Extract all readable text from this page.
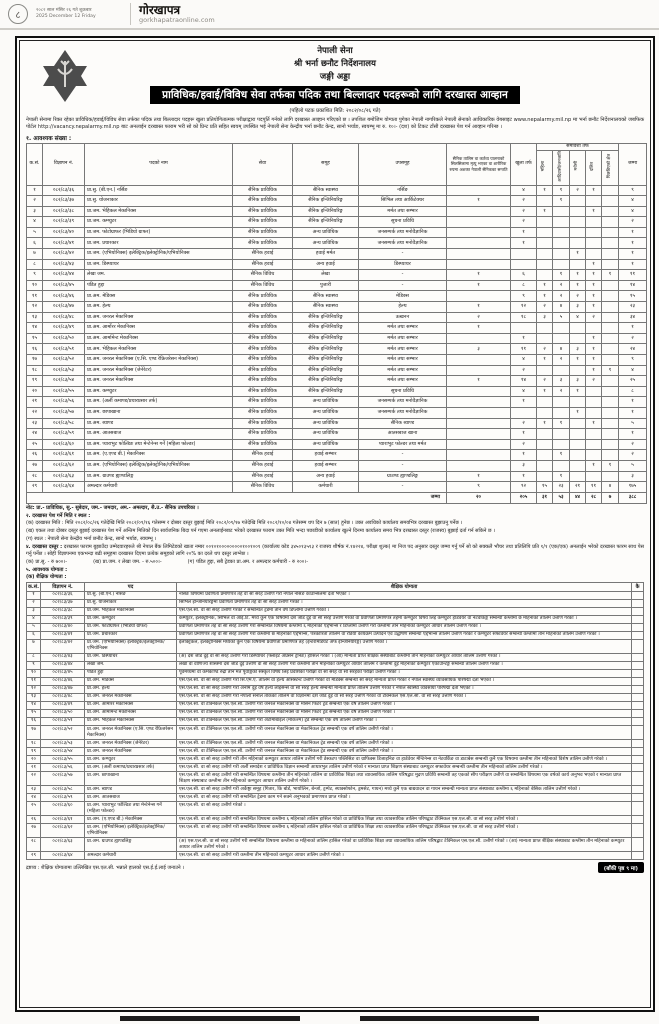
८	२०८२ साल मंसिर २६ गते शुक्रबार
2025 December 12 Friday	गोरखापत्र
gorkhapatraonline.com
नेपाली सेना
श्री भर्ना छनौट निर्देशनालय
जङ्गी अड्डा
प्राविधिक/हवाई/विविध सेवा तर्फका पदिक तथा बिल्लादार पदहरूको लागि दरखास्त आव्हान
(पहिलो पटक प्रकाशित मिति: २०८२/०८/२६ गते)
नेपाली सेनामा रिक्त रहेका प्राविधिक/हवाई/विविध सेवा तर्फका पदिक तथा बिल्लादार पदहरू खुला प्रतियोगितात्मक परीक्षाद्वारा पदपूर्ति गर्नको लागि दरखास्त आव्हान गरिएको छ । तपशिल बमोजिम योग्यता पुगेका नेपाली नागरिकले नेपाली सेनाको आधिकारिक वेबसाइट www.nepalarmy.mil.np मा भर्ना छनौट निर्देशनालयको जबफिक पोर्टल http://vacancy.nepalarmy.mil.np बाट अनलाईन दरखास्त फाराम भरी सो को प्रिन्ट प्रति सहित स्वयम् उपस्थित भई नेपाली सेना केन्द्रीय भर्ना छनौट केन्द्र, सानो भर्याङ, स्वयम्भू मा रु. १०।- (दश) को टिकट टाँसी दरखास्त पेश गर्न आव्हान गरिन्छ ।
१. आवश्यक संख्या :
क.सं.	विज्ञापन नं.	पदको नाम	सेवा	समूह	उपसमूह	सैनिक तालिम वा कर्तव्य पालनाको सिलसिलामा मृत्यु भएका वा शारीरिक रुपमा अशक्त नेपाली सैनिकका सन्तति	खुला तर्फ	समावेशी तर्फ					जम्मा
								महिला	आदिवासी/जनजाति	मधेसी	दलित	पिछडिएको क्षेत्र	
१	०८२/८३/३६	प्रा.सु. (बी.एन.) नर्सिङ	सैनिक प्राविधिक	सैनिक स्वास्थ्य	नर्सिङ		४	१	१	२	१		९
२	०८२/८३/३७	प्रा.सु. योजनाकार	सैनिक प्राविधिक	सैनिक इन्जिनियरिङ्ग	सिभिल तथा आर्किटेक्चर	१	२		१				४
३	०८२/८३/३८	प्रा.जम. भेहिकल मेकानिक्स	सैनिक प्राविधिक	सैनिक इन्जिनियरिङ्ग	मर्मत तथा सम्भार		२	१			१		४
४	०८२/८३/३९	प्रा.जम. कम्प्युटर	सैनिक प्राविधिक	सैनिक इन्जिनियरिङ्ग	सूचना प्रविधि		२						२
५	०८२/८३/४०	प्रा.जम. फोटोग्राफर (भिडियो ग्राफर)	सैनिक प्राविधिक	अन्य प्राविधिक	जनसम्पर्क तथा मनोवैज्ञानिक		१						१
६	०८२/८३/४१	प्रा.जम. प्रचारकार	सैनिक प्राविधिक	अन्य प्राविधिक	जनसम्पर्क तथा मनोवैज्ञानिक		१						१
७	०८२/८३/४२	प्रा.जम. (एभियोनिक्स) इलेक्ट्रिक/इलेक्ट्रोनिक/एभियोनिक्स	सैनिक हवाई	हवाई मर्मत	-					१			१
८	०८२/८३/४३	प्रा.जम. डिस्प्याचर	सैनिक हवाई	अन्य हवाई	डिस्प्याचर						१		१
९	०८२/८३/४४	लेखा जम.	सैनिक विविध	लेखा	-	१	६		१	१	१	१	११
१०	०८२/८३/४५	पंडित हुद्दा	सैनिक विविध	पुजारी	-	१	८	१	२	१	१		१४
११	०८२/८३/४६	प्रा.अम. मेडिक्स	सैनिक प्राविधिक	सैनिक स्वास्थ्य	मेडिक्स		९	१	२	२	१		१५
१२	०८२/८३/४७	प्रा.अम. हेल्थ	सैनिक प्राविधिक	सैनिक स्वास्थ्य	हेल्थ	१	१२	२	४	३	१		२३
१३	०८२/८३/४८	प्रा.अम. जनरल मेकानिक्स	सैनिक प्राविधिक	सैनिक इन्जिनियरिङ्ग	उत्खनन	२	१८	३	५	४	२		३४
१४	०८२/८३/४९	प्रा.अम. आर्मोरर मेकानिक्स	सैनिक प्राविधिक	सैनिक इन्जिनियरिङ्ग	मर्मत तथा सम्भार	१							१
१५	०८२/८३/५०	प्रा.अम. आर्मामेन्ट मेकानिक्स	सैनिक प्राविधिक	सैनिक इन्जिनियरिङ्ग	मर्मत तथा सम्भार		१				१		२
१६	०८२/८३/५१	प्रा.अम. भेहिकल मेकानिक्स	सैनिक प्राविधिक	सैनिक इन्जिनियरिङ्ग	मर्मत तथा सम्भार	३	११	२	४	३	१		२४
१७	०८२/८३/५२	प्रा.अम. जनरल मेकानिक्स (ए.सि. एण्ड रेफ्रिजरेसन मेकानिक्स)	सैनिक प्राविधिक	सैनिक इन्जिनियरिङ्ग	मर्मत तथा सम्भार		४	१	२	१	१		९
१८	०८२/८३/५३	प्रा.अम. जनरल मेकानिक्स (जेनेरेटर)	सैनिक प्राविधिक	सैनिक इन्जिनियरिङ्ग	मर्मत तथा सम्भार		२				१	१	४
१९	०८२/८३/५४	प्रा.अम. जनरल मेकानिक्स	सैनिक प्राविधिक	सैनिक इन्जिनियरिङ्ग	मर्मत तथा सम्भार	१	१४	२	३	३	२		२५
२०	०८२/८३/५५	प्रा.अम. कम्प्युटर	सैनिक प्राविधिक	सैनिक इन्जिनियरिङ्ग	सूचना प्रविधि		४	१	२	१			८
२१	०८२/८३/५६	प्रा.अम. (अर्ली कमाण्ड/प्रचारप्रसार तर्फ)	सैनिक प्राविधिक	अन्य प्राविधिक	जनसम्पर्क तथा मनोवैज्ञानिक		१						१
२२	०८२/८३/५७	प्रा.अम. छापाखाना	सैनिक प्राविधिक	अन्य प्राविधिक	जनसम्पर्क तथा मनोवैज्ञानिक					१			१
२३	०८२/८३/५८	प्रा.अम. ब्याण्ड	सैनिक प्राविधिक	अन्य प्राविधिक	सैनिक ब्याण्ड		२	१	१		१		५
२४	०८२/८३/५९	प्रा.अम. आतसबाज	सैनिक प्राविधिक	अन्य प्राविधिक	आतसबाज खाना		१						१
२५	०८२/८३/६०	प्रा.अम. प्याराभुट फोल्डिङ तथा मेन्टेनेन्स गर्ने (महिला फोल्डर)	सैनिक प्राविधिक	अन्य प्राविधिक	प्याराभुट फोल्डर तथा मर्मत		२						२
२६	०८२/८३/६१	प्रा.अम. (ए.एण्ड बी.) मेकानिक्स	सैनिक हवाई	हवाई सम्भार	-		१		१				२
२७	०८२/८३/६२	प्रा.अम. (एभियोनिक्स) इलेक्ट्रिक/इलेक्ट्रोनिक/एभियोनिक्स	सैनिक हवाई	हवाई सम्भार	-		३				१	१	५
२८	०८२/८३/६३	प्रा.अम. ग्राउण्ड ह्याण्डलिङ्ग	सैनिक हवाई	अन्य हवाई	ग्राउण्ड ह्याण्डलिङ्ग	१	१		१				३
२९	०८२/८३/६४	अमल्दार कर्मचारी	सैनिक विविध	कर्मचारी	-	९	९२	१५	२३	२१	११	४	१७५
जम्मा						२०	२०५	३१	५३	४४	२८	७	३८८
नोट: प्रा.- प्राविधिक, सु.- सुबेदार, जम.- जमदार, अम.- अमल्दार, सै.उ.- सैनिक उपचरिका ।
२. दरखास्त पेश गर्ने मिति र स्थल :
(क) दरखास्त मिति : मिति २०८२/०८/२६ गतेदेखि मिति २०८२/०९/१६ गतेसम्म र दोब्बर दस्तुर बुझाई मिति २०८२/०९/१७ गतेदेखि मिति २०८२/१०/०४ गतेसम्म थप दिन ७ (सात) हुनेछ । उक्त अवधिको कार्यालय समयभित्र दरखास्त बुझाउनु पर्नेछ ।
(ख) एकल तथा दोब्बर दस्तुर बुझाई दरखास्त पेश गर्ने अन्तिम मितिको दिन सार्वजनिक बिदा पर्न गएमा अनलाईनबाट भरेको दरखास्त फाराम उक्त मिति भन्दा पछाडीको कार्यालय खुल्ने दिनमा कार्यालय समय भित्र दरखास्त दस्तुर (राजस्व) बुझाई दर्ता गर्न सकिने छ ।
(ग) स्थल : नेपाली सेना केन्द्रीय भर्ना छनौट केन्द्र, सानो भर्याङ, स्वयम्भू ।
४. दरखास्त दस्तुर : दरखास्त फाराम बुझाउँदा उम्मेदवारहरुले श्री नेपाल बैंक लिमिटेडको खाता नम्बर ००१०१०००००००००१००१००१ (कार्यालय कोड ३४५०१३५१३ र राजस्व शीर्षक नं.१४२२४, परीक्षा शुल्क) मा निज पद अनुसार दस्तुर जम्मा गर्नु पर्ने सो को सक्कलै भौचर तथा प्रतिलिपि प्रति १/१ (एक/एक) अनलाईन भरेको दरखास्त फारम साथ पेस गर्नु पर्नेछ । सोही विज्ञापनमा एकभन्दा बढी समूहमा दरखास्त दिएमा प्रत्येक समूहको लागि २०% का दरले थप दस्तुर लाग्नेछ ।
(क) प्रा.सु. - रु ७००।-	(ख) प्रा.जम. र लेखा जम. - रु.५००।-	(ग) पंडित हुद्दा, सबै ट्रेडका प्रा.अम. र अमल्दार कर्मचारी - रु २००।-
५. आवश्यक योग्यता :
(क) शैक्षिक योग्यता :
क.सं.	विज्ञापन नं.	पद	शैक्षिक योग्यता	कै
१	०८२/८३/३६	प्रा.सु. (बी.एन.) नर्सिङ	नर्सिङ विषयमा प्रवीणता प्रमाणपत्र तह वा सो सरह उत्तीर्ण गरी नेपाल नर्सिङ काउन्सिलमा दर्ता भएको ।	
२	०८२/८३/३७	प्रा.सु. योजनाकार	सिभिल इन्जिनियरिङ्गमा प्रवीणता प्रमाणपत्र तह वा सो सरह उत्तीर्ण गरेको ।	
३	०८२/८३/३८	प्रा.जम. भेहिकल मेकानिक्स	एस.एल.सी. वा सो सरह उत्तीर्ण गरेको र सम्बन्धित ट्रेडमा तीन वर्षे डिप्लोमा उत्तीर्ण गरेको ।	
४	०८२/८३/३९	प्रा.जम. कम्प्युटर	कम्प्युटर, इलेक्ट्रोनिक, सिभिल वा आई.टि. मध्ये कुनै एक विषयमा दश जोड दुई वा सो सरह उत्तीर्ण गरेको वा प्रवीणता प्रमाणपत्र तहमा कम्प्युटर विषय लिई कम्प्युटर हार्डवेयर वा नेटवर्किङ्ग सम्बन्धी कम्तीमा छ महिनाको तालिम उत्तीर्ण गरेको ।	
५	०८२/८३/४०	प्रा.जम. फोटोग्राफर (भिडियो ग्राफर)	प्रवीणता प्रमाणपत्र तह वा सो सरह उत्तीर्ण गरी सम्बन्धित विषयमा कम्तीमा ६ महिनाको एड्भान्स र डिप्लोमा उत्तीर्ण गरी कम्तीमा तीन महिनाको कम्प्युटर आधार तालिम उत्तीर्ण गरेको ।	
६	०८२/८३/४१	प्रा.जम. प्रचारकार	प्रवीणता प्रमाणपत्र तह वा सो सरह उत्तीर्ण गरी कम्तीमा छ महिनाको एड्भान्स, पत्रकारिता तालिम वा रेडियो कार्यक्रम उत्पादन एवं उद्घोषण सम्बन्धी एड्भान्स तालिम उत्तीर्ण गरेको र कम्प्युटर सफ्टवेयर सम्बन्धी कम्तीमा तीन महिनाको तालिम उत्तीर्ण गरेको ।	
७	०८२/८३/४२	प्रा.जम. (एभियोनिक्स) इलेक्ट्रिक/इलेक्ट्रोनिक/एभियोनिक्स	इलेक्ट्रिकल, इलेक्ट्रोनिक्स मध्येको कुनै एक विषयमा प्रवीणता प्रमाणपत्र तह (इन्टरमिडियट अफ इन्जिनियरिङ्ग) उत्तीर्ण गरेको ।	
८	०८२/८३/४३	प्रा.जम. डिस्प्याचर	(अ) दश जोड दुई वा सो सरह उत्तीर्ण गरी डिस्प्याचर (फ्लाइट अप्रेसन ट्रेनिङ) हासिल गरेको । (आ) मान्यता प्राप्त शैक्षिक संस्थाबाट कम्तीमा तीन महिनाको कम्प्युटर आधार तालिम उत्तीर्ण गरेको ।	
९	०८२/८३/४४	लेखा जम.	लेखा वा वाणिज्य शास्त्रमा दश जोड दुई उत्तीर्ण वा सो सरह उत्तीर्ण गरी कम्तीमा तीन महिनाको कम्प्युटर आधार तालिम र कम्तीमा दुई महिनाको कम्प्युटर एकाउन्टिङ्ग सम्बन्धी तालिम उत्तीर्ण गरेको ।	
१०	०८२/८३/४५	पंडित हुद्दा	पूर्वमध्यमा वा कर्मकाण्ड रुद्री तीन मत पूर्वाङ्गको संस्कृत विषय लिई प्रवेशिका परीक्षा वा सो सरह वा सो सरहको परीक्षा उत्तीर्ण गरेको ।	
११	०८२/८३/४६	प्रा.अम. मेडिक्स	एस.एल.सी. वा सो सरह उत्तीर्ण गरी सि.एम.ए. तालिम वा हेल्थ असिस्टेन्ट उत्तीर्ण गरेको वा मेडिक्स सम्बन्धी सो सरह मान्यता प्राप्त गरेको र नेपाल स्वास्थ्य व्यावसायिक परिषद्मा दर्ता भएको ।	
१२	०८२/८३/४७	प्रा.अम. हेल्थ	एस.एल.सी. वा सो सरह उत्तीर्ण गरी अनमि दुई वर्षे हेल्थ लाइसेन्स वा सो सरह हेल्थ सम्बन्धी मान्यता प्राप्त तालिम उत्तीर्ण गरेको र नेपाल स्वास्थ्य व्यवसायी परिषद्मा दर्ता भएको ।	
१३	०८२/८३/४८	प्रा.अम. जनरल मेकानिक्स	एस.एल.सी. वा सो सरह उत्तीर्ण गरी नेपाली सेनाले तोकेको तालिम वा विज्ञानमा दश जोड दुई वा सो सरह उत्तीर्ण गरेको वा टेक्निकल एस.एल.सी. वा सो सरह उत्तीर्ण गरेको ।	
१४	०८२/८३/४९	प्रा.अम. आर्मोरर मेकानिक्स	एस.एल.सी. वा टेक्निकल एस.एल.सी. उत्तीर्ण गरी जनरल मेकानिक्स वा मेसिन फिटर ट्रेड सम्बन्धी एक वर्षे तालिम उत्तीर्ण गरेको ।	
१५	०८२/८३/५०	प्रा.अम. आर्मामेन्ट मेकानिक्स	एस.एल.सी. वा टेक्निकल एस.एल.सी. उत्तीर्ण गरी जनरल मेकानिक्स वा मेसिन फिटर ट्रेड सम्बन्धी एक वर्षे तालिम उत्तीर्ण गरेको ।	
१६	०८२/८३/५१	प्रा.अम. भेहिकल मेकानिक्स	एस.एल.सी. वा टेक्निकल एस.एल.सी. उत्तीर्ण गरी अटोमोबाइल (मेकिज्म) ट्रेड सम्बन्धी एक वर्षे तालिम उत्तीर्ण गरेको ।	
१७	०८२/८३/५२	प्रा.अम. जनरल मेकानिक्स (ए.सि. एण्ड रेफ्रिजरेसन मेकानिक्स)	एस.एल.सी. वा टेक्निकल एस.एल.सी. उत्तीर्ण गरी जनरल मेकानिक्स वा मेकानिकल ट्रेड सम्बन्धी एक वर्षे तालिम उत्तीर्ण गरेको ।	
१८	०८२/८३/५३	प्रा.अम. जनरल मेकानिक्स (जेनेरेटर)	एस.एल.सी. वा टेक्निकल एस.एल.सी. उत्तीर्ण गरी जनरल मेकानिक्स वा मेकानिकल ट्रेड सम्बन्धी एक वर्षे तालिम उत्तीर्ण गरेको ।	
१९	०८२/८३/५४	प्रा.अम. जनरल मेकानिक्स	एस.एल.सी. वा टेक्निकल एस.एल.सी. उत्तीर्ण गरी जनरल मेकानिक्स वा मेकानिकल ट्रेड सम्बन्धी एक वर्षे तालिम उत्तीर्ण गरेको ।	
२०	०८२/८३/५५	प्रा.अम. कम्प्युटर	एस.एल.सी. वा सो सरह उत्तीर्ण गरी तीन महिनाको कम्प्युटर आधार तालिम उत्तीर्ण गरी डेस्कटप पब्लिसिङ वा ग्राफिक्स डिजाइनिङ वा हार्डवेयर मेन्टिनेन्स वा नेटवर्किङ वा डाटाबेस सम्बन्धी कुनै एक विषयमा कम्तीमा तीन महिनाको विशेष तालिम उत्तीर्ण गरेको ।	
२१	०८२/८३/५६	प्रा.अम. (अर्ली कमाण्ड/प्रचारप्रसार तर्फ)	एस.एल.सी. वा सो सरह उत्तीर्ण गरी अर्ली समादेश र प्राविधिक विज्ञान सम्बन्धी आधारभुत तालिम उत्तीर्ण गरेको र मान्यता प्राप्त शिक्षण संस्थाबाट कम्प्युटर सफ्टवेयर सम्बन्धी कम्तीमा तीन महिनाको तालिम उत्तीर्ण गरेको ।	
२२	०८२/८३/५७	प्रा.अम. छापाखाना	एस.एल.सी. वा सो सरह उत्तीर्ण गरी सम्बन्धित विषयमा कम्तीमा तीन महिनाको तालिम वा प्राविधिक शिक्षा तथा व्यावसायिक तालिम परिषद्बाट मुद्रण प्रविधि सम्बन्धी तह एकको सीप परीक्षण उत्तीर्ण वा सम्बन्धित विषयमा एक वर्षको कार्य अनुभव भएको र मान्यता प्राप्त शिक्षण संस्थाबाट कम्तीमा तीन महिनाको कम्प्युटर आधार तालिम उत्तीर्ण गरेको ।	
२३	०८२/८३/५८	प्रा.अम. ब्याण्ड	एस.एल.सी. वा सो सरह उत्तीर्ण गरी अर्केष्ट्रा समूह (गितार, कि बोर्ड, भायोलिन, बेन्जो, ट्रम्पेट, स्याक्सोफोन, ड्रमसेट, गायन) मध्ये कुनै एक बाद्यवादन वा गायन सम्बन्धी मान्यता प्राप्त संस्थाबाट कम्तीमा ६ महिनाको बेसिक तालिम उत्तीर्ण गरेको ।	
२४	०८२/८३/५९	प्रा.अम. आतसबाज	एस.एल.सी. वा सो सरह उत्तीर्ण गरी सम्बन्धित ट्रेडमा काम गर्न सक्ने अनुभवको प्रमाणपत्र प्राप्त गरेको ।	
२५	०८२/८३/६०	प्रा.अम. प्याराभुट फोल्डिङ तथा मेन्टेनेन्स गर्ने (महिला फोल्डर)	एस.एल.सी. वा सो सरह उत्तीर्ण गरेको ।	
२६	०८२/८३/६१	प्रा.अम. (ए.एण्ड बी.) मेकानिक्स	एस.एल.सी. वा सो सरह उत्तीर्ण गरी सम्बन्धित विषयमा कम्तीमा ६ महिनाको तालिम हासिल गरेको वा प्राविधिक शिक्षा तथा व्यावसायिक तालिम परिषद्बाट टेक्निकल एस.एल.सी. वा सो सरह उत्तीर्ण गरेको ।	
२७	०८२/८३/६२	प्रा.अम. (एभियोनिक्स) इलेक्ट्रिक/इलेक्ट्रोनिक/एभियोनिक्स	एस.एल.सी. वा सो सरह उत्तीर्ण गरी सम्बन्धित विषयमा कम्तीमा ६ महिनाको तालिम हासिल गरेको वा प्राविधिक शिक्षा तथा व्यावसायिक तालिम परिषद्बाट टेक्निकल एस.एल.सी. वा सो सरह उत्तीर्ण गरेको ।	
२८	०८२/८३/६३	प्रा.अम. ग्राउण्ड ह्याण्डलिङ्ग	(अ) एस.एल.सी. वा सो सरह उत्तीर्ण गरी सम्बन्धित विषयमा कम्तीमा छ महिनाको तालिम हासिल गरेको वा प्राविधिक शिक्षा तथा व्यावसायिक तालिम परिषद्बाट टेक्निकल एस.एल.सी. उत्तीर्ण गरेको । (आ) मान्यता प्राप्त शैक्षिक संस्थाबाट कम्तीमा तीन महिनाको कम्प्युटर आधार तालिम उत्तीर्ण गरेको ।	
२९	०८२/८३/६४	अमल्दार कर्मचारी	एस.एल.सी. वा सो सरह उत्तीर्ण गरी कम्तीमा तीन महिनाको कम्प्युटर आधार तालिम उत्तीर्ण गरेको ।	
द्रष्टव्य : शैक्षिक योग्यतामा उल्लिखित एस.एल.सी. भन्नाले हालको एस.ई.ई.लाई जनाउने ।	(बाँकी पृष्ठ ९ मा)
